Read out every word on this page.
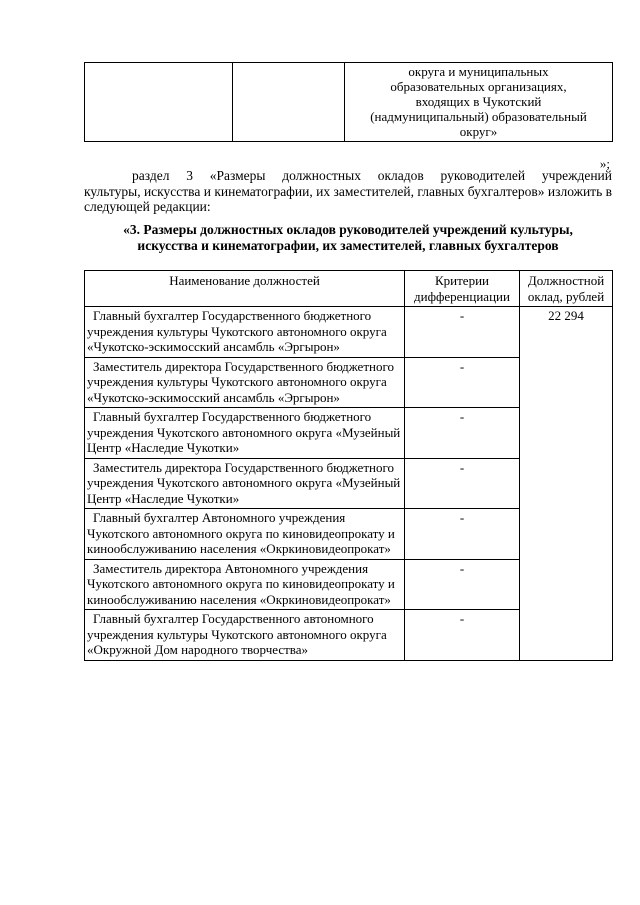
округа и муниципальных
образовательных организациях,
входящих в Чукотский
(надмуниципальный) образовательный
округ»
»;
раздел 3 «Размеры должностных окладов руководителей учреждений
культуры, искусства и кинематографии, их заместителей, главных бухгалтеров» изложить в следующей редакции:
«3. Размеры должностных окладов руководителей учреждений культуры,
искусства и кинематографии, их заместителей, главных бухгалтеров
Наименование должностей	Критерии дифференциации	Должностной оклад, рублей
Главный бухгалтер Государственного бюджетного учреждения культуры Чукотского автономного округа «Чукотско-эскимосский ансамбль «Эргырон»	-	22 294
Заместитель директора Государственного бюджетного учреждения культуры Чукотского автономного округа «Чукотско-эскимосский ансамбль «Эргырон»	-	
Главный бухгалтер Государственного бюджетного учреждения Чукотского автономного округа «Музейный Центр «Наследие Чукотки»	-	
Заместитель директора Государственного бюджетного учреждения Чукотского автономного округа «Музейный Центр «Наследие Чукотки»	-	
Главный бухгалтер Автономного учреждения Чукотского автономного округа по киновидеопрокату и кинообслуживанию населения «Окркиновидеопрокат»	-	
Заместитель директора Автономного учреждения Чукотского автономного округа по киновидеопрокату и кинообслуживанию населения «Окркиновидеопрокат»	-	
Главный бухгалтер Государственного автономного учреждения культуры Чукотского автономного округа «Окружной Дом народного творчества»	-	
